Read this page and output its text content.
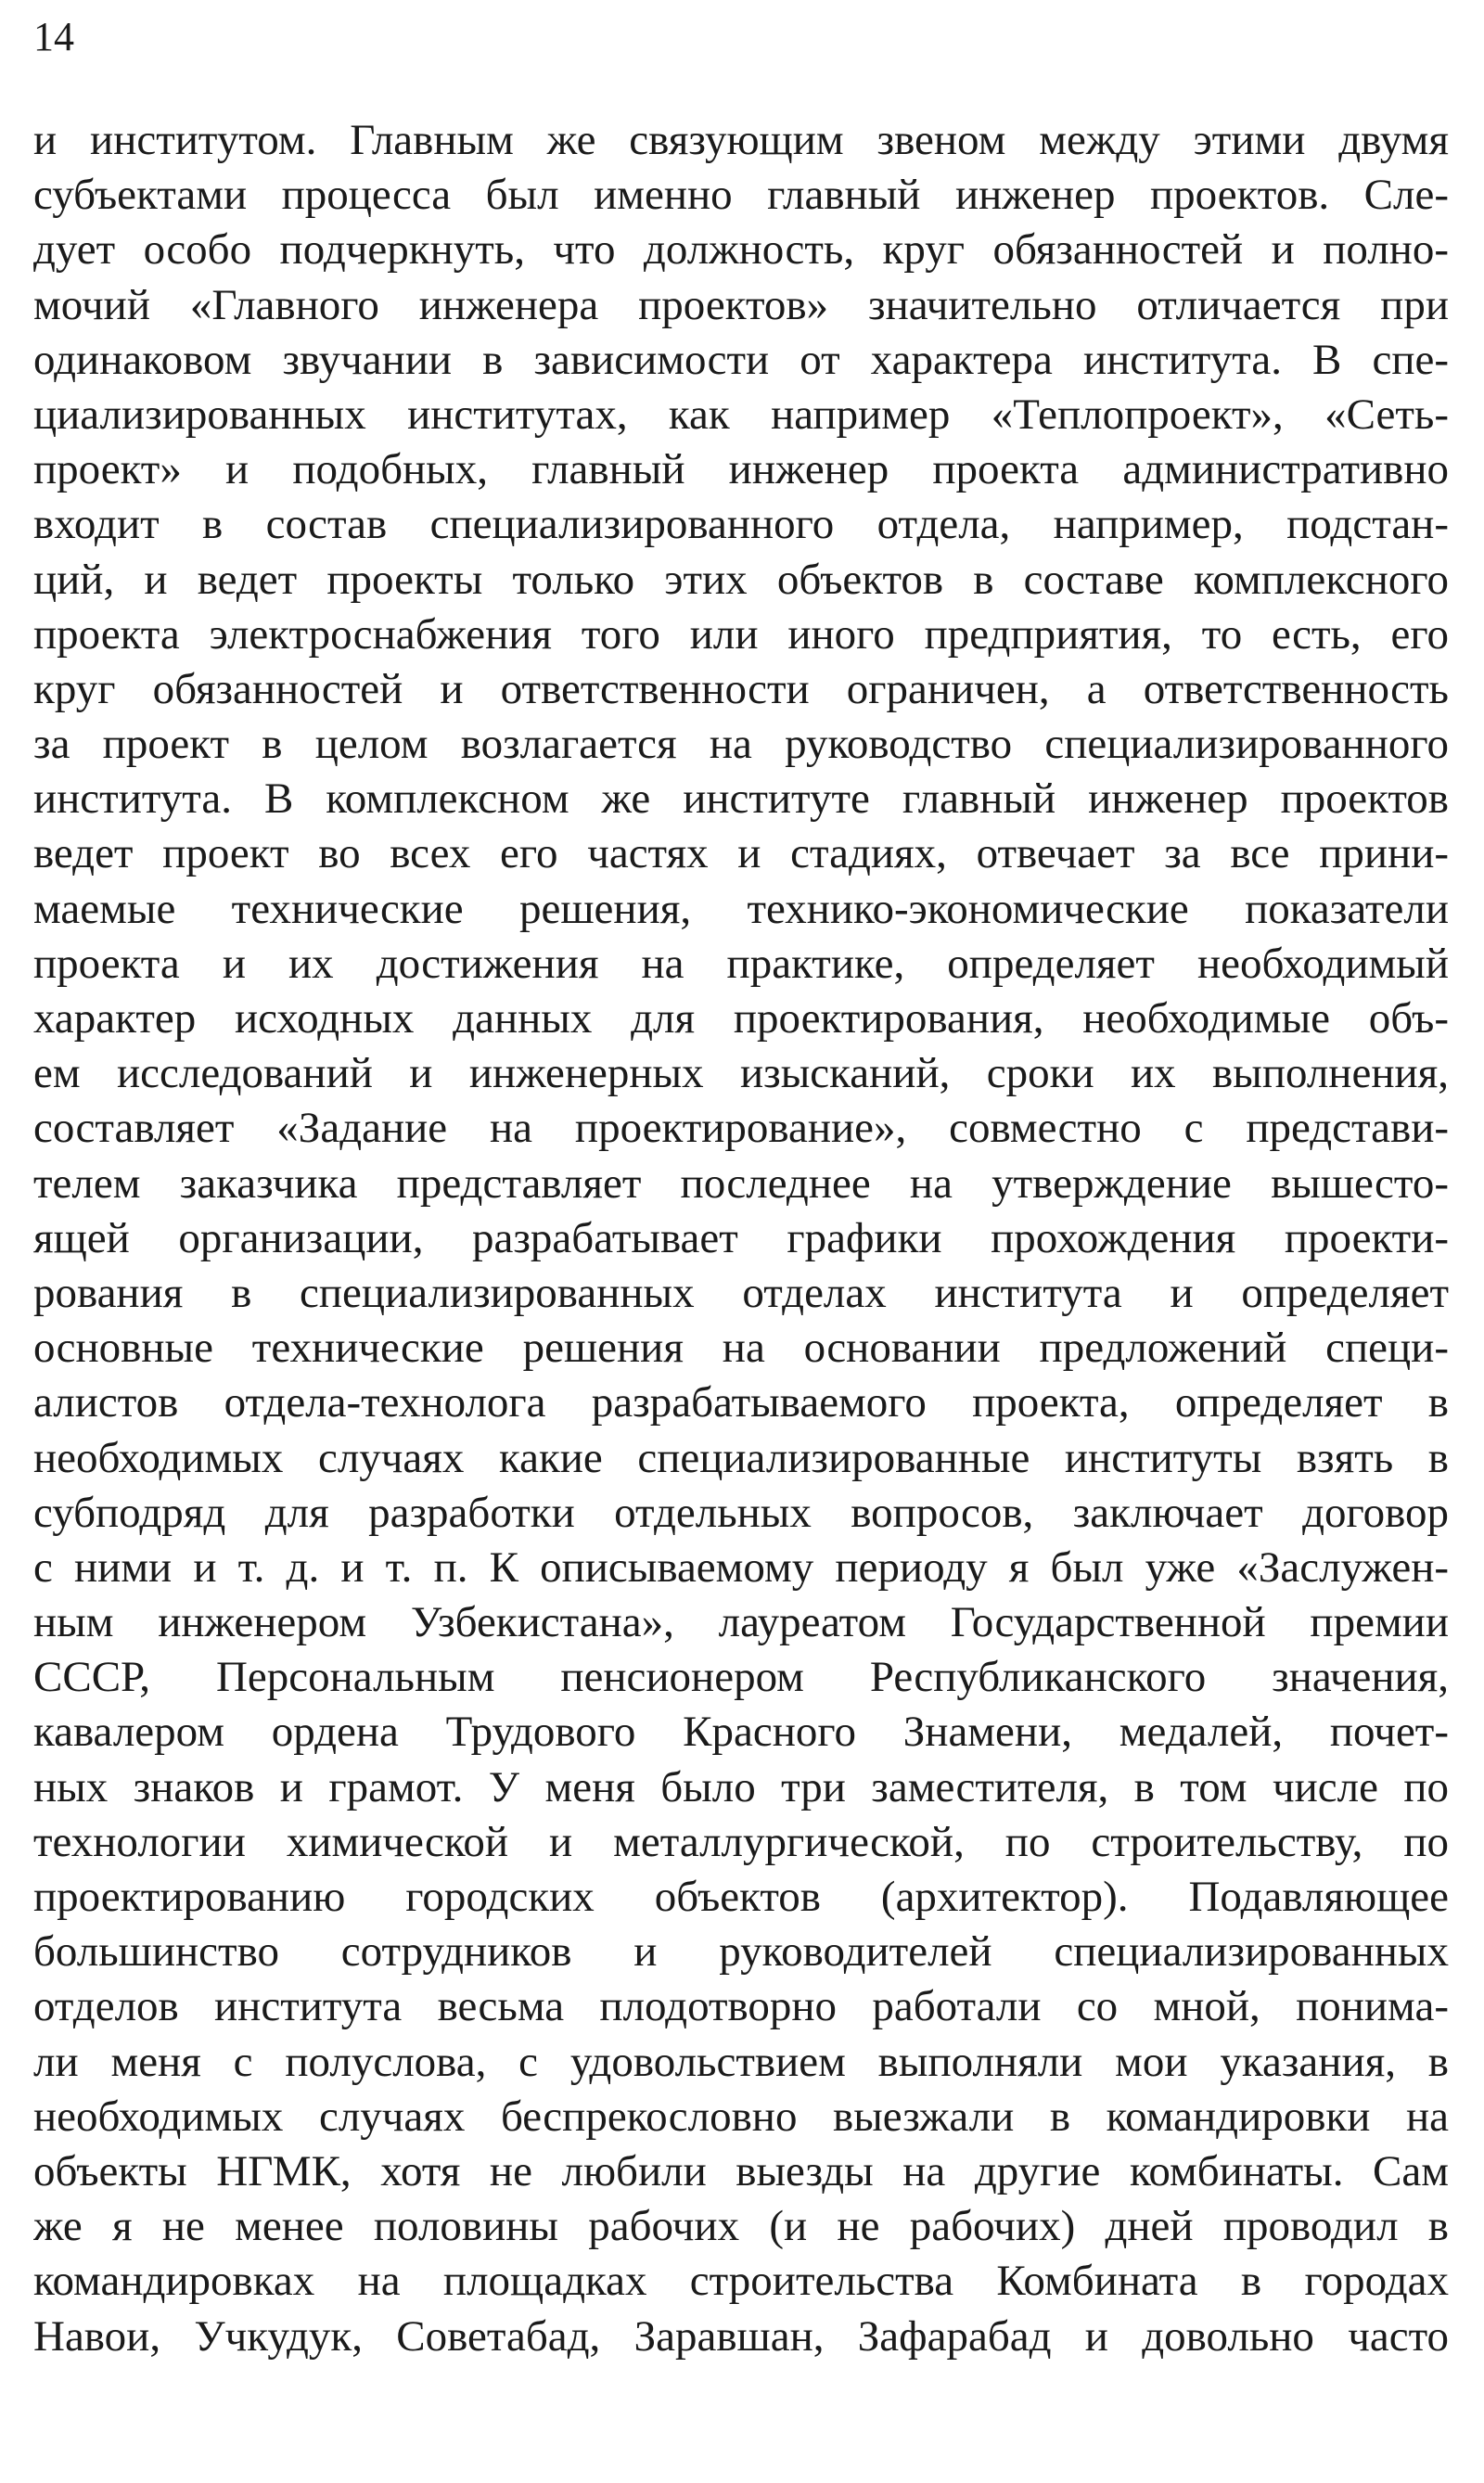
14
и институтом. Главным же связующим звеном между этими двумя
субъектами процесса был именно главный инженер проектов. Сле-
дует особо подчеркнуть, что должность, круг обязанностей и полно-
мочий «Главного инженера проектов» значительно отличается при
одинаковом звучании в зависимости от характера института. В спе-
циализированных институтах, как например «Теплопроект», «Сеть-
проект» и подобных, главный инженер проекта административно
входит в состав специализированного отдела, например, подстан-
ций, и ведет проекты только этих объектов в составе комплексного
проекта электроснабжения того или иного предприятия, то есть, его
круг обязанностей и ответственности ограничен, а ответственность
за проект в целом возлагается на руководство специализированного
института. В комплексном же институте главный инженер проектов
ведет проект во всех его частях и стадиях, отвечает за все прини-
маемые технические решения, технико-экономические показатели
проекта и их достижения на практике, определяет необходимый
характер исходных данных для проектирования, необходимые объ-
ем исследований и инженерных изысканий, сроки их выполнения,
составляет «Задание на проектирование», совместно с представи-
телем заказчика представляет последнее на утверждение вышесто-
ящей организации, разрабатывает графики прохождения проекти-
рования в специализированных отделах института и определяет
основные технические решения на основании предложений специ-
алистов отдела-технолога разрабатываемого проекта, определяет в
необходимых случаях какие специализированные институты взять в
субподряд для разработки отдельных вопросов, заключает договор
с ними и т. д. и т. п. К описываемому периоду я был уже «Заслужен-
ным инженером Узбекистана», лауреатом Государственной премии
СССР, Персональным пенсионером Республиканского значения,
кавалером ордена Трудового Красного Знамени, медалей, почет-
ных знаков и грамот. У меня было три заместителя, в том числе по
технологии химической и металлургической, по строительству, по
проектированию городских объектов (архитектор). Подавляющее
большинство сотрудников и руководителей специализированных
отделов института весьма плодотворно работали со мной, понима-
ли меня с полуслова, с удовольствием выполняли мои указания, в
необходимых случаях беспрекословно выезжали в командировки на
объекты НГМК, хотя не любили выезды на другие комбинаты. Сам
же я не менее половины рабочих (и не рабочих) дней проводил в
командировках на площадках строительства Комбината в городах
Навои, Учкудук, Советабад, Заравшан, Зафарабад и довольно часто
